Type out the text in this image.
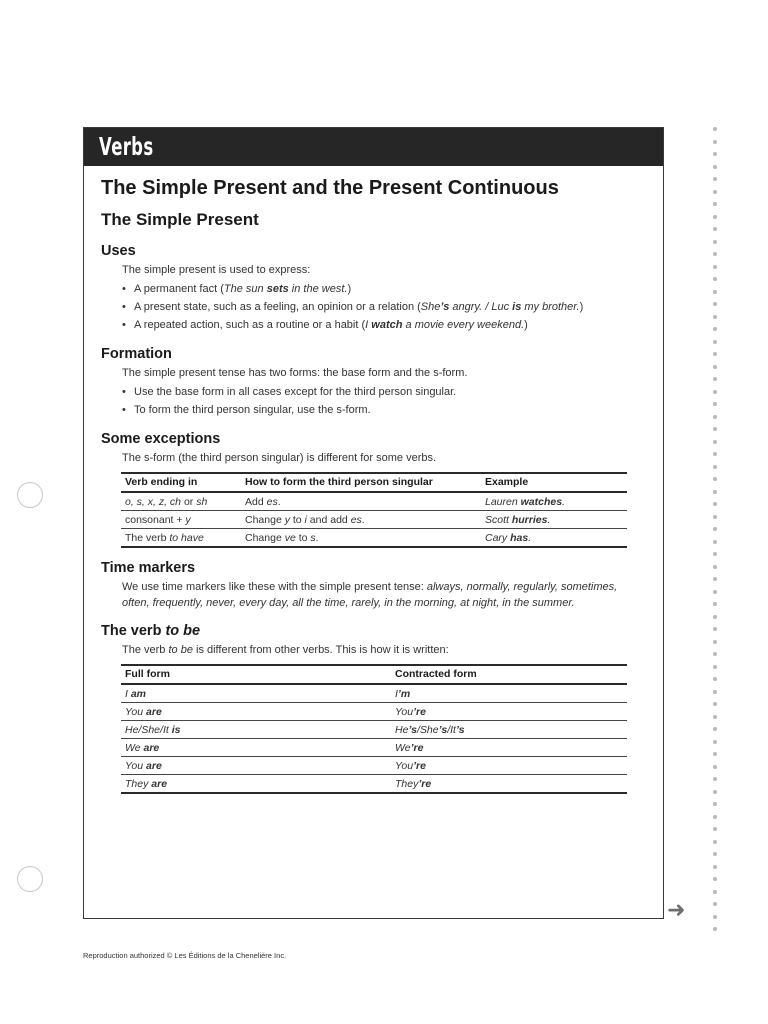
Verbs
The Simple Present and the Present Continuous
The Simple Present
Uses

The simple present is used to express:

• A permanent fact (The sun sets in the west.)
• A present state, such as a feeling, an opinion or a relation (She’s angry. / Luc is my brother.)
• A repeated action, such as a routine or a habit (I watch a movie every weekend.)
Formation

The simple present tense has two forms: the base form and the s-form.

• Use the base form in all cases except for the third person singular.
• To form the third person singular, use the s-form.
Some exceptions

The s-form (the third person singular) is different for some verbs.

Verb ending in	How to form the third person singular	Example
o, s, x, z, ch or sh	Add es.	Lauren watches.
consonant + y	Change y to i and add es.	Scott hurries.
The verb to have	Change ve to s.	Cary has.
Time markers

We use time markers like these with the simple present tense: always, normally, regularly, sometimes, often, frequently, never, every day, all the time, rarely, in the morning, at night, in the summer.

The verb to be

The verb to be is different from other verbs. This is how it is written:

Full form	Contracted form
I am	I’m
You are	You’re
He/She/It is	He’s/She’s/It’s
We are	We’re
You are	You’re
They are	They’re
➜
Reproduction authorized © Les Éditions de la Chenelière Inc.
